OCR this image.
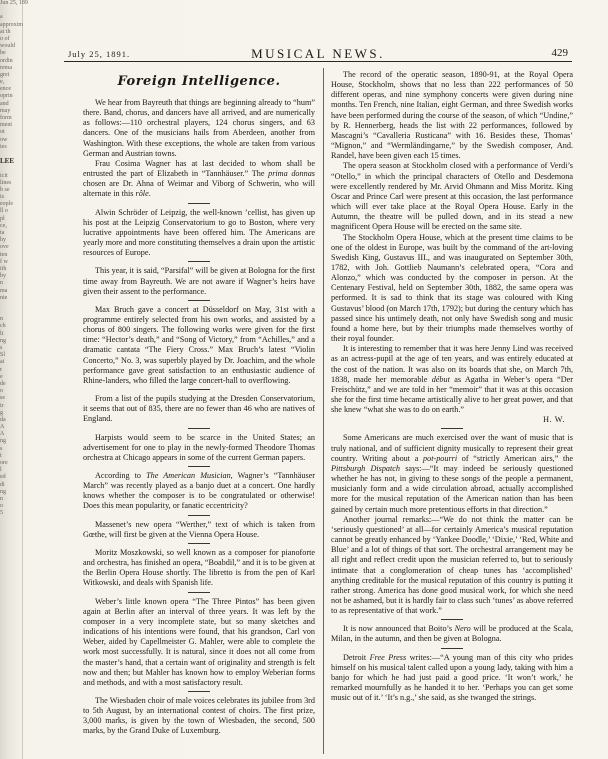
Jun 25, 189
a
approxim
at th
o of
would
be
ordin
rema
gret
e,
ence
oprin
and
may
form
ment
ot
ow
ies
LEE
icit
lines
b se
is
eople
ll o
pl
ce,
ta
hy
ove
ten
f w
ith
by
n
ma
nie
n
ch
lt
ng
s
Sl
ai
r
e
de
o
se
ir
g
da
A
A
ng
s
t
ore
l
ed
di
ng
n
o
5
July 25, 1891.	MUSICAL NEWS.	429
Foreign Intelligence.

We hear from Bayreuth that things are beginning already to “hum” there. Band, chorus, and dancers have all arrived, and are numerically as follows:—110 orchestral players, 124 chorus singers, and 63 dancers. One of the musicians hails from Aberdeen, another from Washington. With these exceptions, the whole are taken from various German and Austrian towns.

Frau Cosima Wagner has at last decided to whom shall be entrusted the part of Elizabeth in “Tannhäuser.” The prima donnas chosen are Dr. Ahna of Weimar and Viborg of Schwerin, who will alternate in this rôle.

Alwin Schröder of Leipzig, the well-known ’cellist, has given up his post at the Leipzig Conservatorium to go to Boston, where very lucrative appointments have been offered him. The Americans are yearly more and more constituting themselves a drain upon the artistic resources of Europe.

This year, it is said, “Parsifal” will be given at Bologna for the first time away from Bayreuth. We are not aware if Wagner’s heirs have given their assent to the performance.

Max Bruch gave a concert at Düsseldorf on May, 31st with a programme entirely selected from his own works, and assisted by a chorus of 800 singers. The following works were given for the first time: “Hector’s death,” and “Song of Victory,” from “Achilles,” and a dramatic cantata “The Fiery Cross.” Max Bruch’s latest “Violin Concerto,” No. 3, was superbly played by Dr. Joachim, and the whole performance gave great satisfaction to an enthusiastic audience of Rhine-landers, who filled the large concert-hall to overflowing.

From a list of the pupils studying at the Dresden Conservatorium, it seems that out of 835, there are no fewer than 46 who are natives of England.

Harpists would seem to be scarce in the United States; an advertisement for one to play in the newly-formed Theodore Thomas orchestra at Chicago appears in some of the current German papers.

According to The American Musician, Wagner’s “Tannhäuser March” was recently played as a banjo duet at a concert. One hardly knows whether the composer is to be congratulated or otherwise! Does this mean popularity, or fanatic eccentricity?

Massenet’s new opera “Werther,” text of which is taken from Gœthe, will first be given at the Vienna Opera House.

Moritz Moszkowski, so well known as a composer for pianoforte and orchestra, has finished an opera, “Boabdil,” and it is to be given at the Berlin Opera House shortly. The libretto is from the pen of Karl Witkowski, and deals with Spanish life.

Weber’s little known opera “The Three Pintos” has been given again at Berlin after an interval of three years. It was left by the composer in a very incomplete state, but so many sketches and indications of his intentions were found, that his grandson, Carl von Weber, aided by Capellmeister G. Mahler, were able to complete the work most successfully. It is natural, since it does not all come from the master’s hand, that a certain want of originality and strength is felt now and then; but Mahler has known how to employ Weberian forms and methods, and with a most satisfactory result.

The Wiesbaden choir of male voices celebrates its jubilee from 3rd to 5th August, by an international contest of choirs. The first prize, 3,000 marks, is given by the town of Wiesbaden, the second, 500 marks, by the Grand Duke of Luxemburg.

The record of the operatic season, 1890-91, at the Royal Opera House, Stockholm, shows that no less than 222 performances of 50 different operas, and nine symphony concerts were given during nine months. Ten French, nine Italian, eight German, and three Swedish works have been performed during the course of the season, of which “Undine,” by R. Hennerberg, heads the list with 22 performances, followed by Mascagni’s “Cavalleria Rusticana” with 16. Besides these, Thomas’ “Mignon,” and “Wermländingarne,” by the Swedish composer, And. Randel, have been given each 15 times.

The opera season at Stockholm closed with a performance of Verdi’s “Otello,” in which the principal characters of Otello and Desdemona were excellently rendered by Mr. Arvid Ohmann and Miss Moritz. King Oscar and Prince Carl were present at this occasion, the last performance which will ever take place at the Royal Opera House. Early in the Autumn, the theatre will be pulled down, and in its stead a new magnificent Opera House will be erected on the same site.

The Stockholm Opera House, which at the present time claims to be one of the oldest in Europe, was built by the command of the art-loving Swedish King, Gustavus III., and was inaugurated on September 30th, 1782, with Joh. Gottlieb Naumann’s celebrated opera, “Cora and Alonzo,” which was conducted by the composer in person. At the Centenary Festival, held on September 30th, 1882, the same opera was performed. It is sad to think that its stage was coloured with King Gustavus’ blood (on March 17th, 1792); but during the century which has passed since his untimely death, not only have Swedish song and music found a home here, but by their triumphs made themselves worthy of their royal founder.

It is interesting to remember that it was here Jenny Lind was received as an actress-pupil at the age of ten years, and was entirely educated at the cost of the nation. It was also on its boards that she, on March 7th, 1838, made her memorable début as Agatha in Weber’s opera “Der Freischütz,” and we are told in her “memoir” that it was at this occasion she for the first time became artistically alive to her great power, and that she knew “what she was to do on earth.”

H. W.

Some Americans are much exercised over the want of music that is truly national, and of sufficient dignity musically to represent their great country. Writing about a pot-pourri of “strictly American airs,” the Pittsburgh Dispatch says:—“It may indeed be seriously questioned whether he has not, in giving to these songs of the people a permanent, musicianly form and a wide circulation abroad, actually accomplished more for the musical reputation of the American nation than has been gained by certain much more pretentious efforts in that direction.”

Another journal remarks:—“We do not think the matter can be ‘seriously questioned’ at all—for certainly America’s musical reputation cannot be greatly enhanced by ‘Yankee Doodle,’ ‘Dixie,’ ‘Red, White and Blue’ and a lot of things of that sort. The orchestral arrangement may be all right and reflect credit upon the musician referred to, but to seriously intimate that a conglomeration of cheap tunes has ‘accomplished’ anything creditable for the musical reputation of this country is putting it rather strong. America has done good musical work, for which she need not be ashamed, but it is hardly fair to class such ‘tunes’ as above referred to as representative of that work.”

It is now announced that Boito’s Nero will be produced at the Scala, Milan, in the autumn, and then be given at Bologna.

Detroit Free Press writes:—“A young man of this city who prides himself on his musical talent called upon a young lady, taking with him a banjo for which he had just paid a good price. ‘It won’t work,’ he remarked mournfully as he handed it to her. ‘Perhaps you can get some music out of it.’ ‘It’s n.g.,’ she said, as she twanged the strings.
